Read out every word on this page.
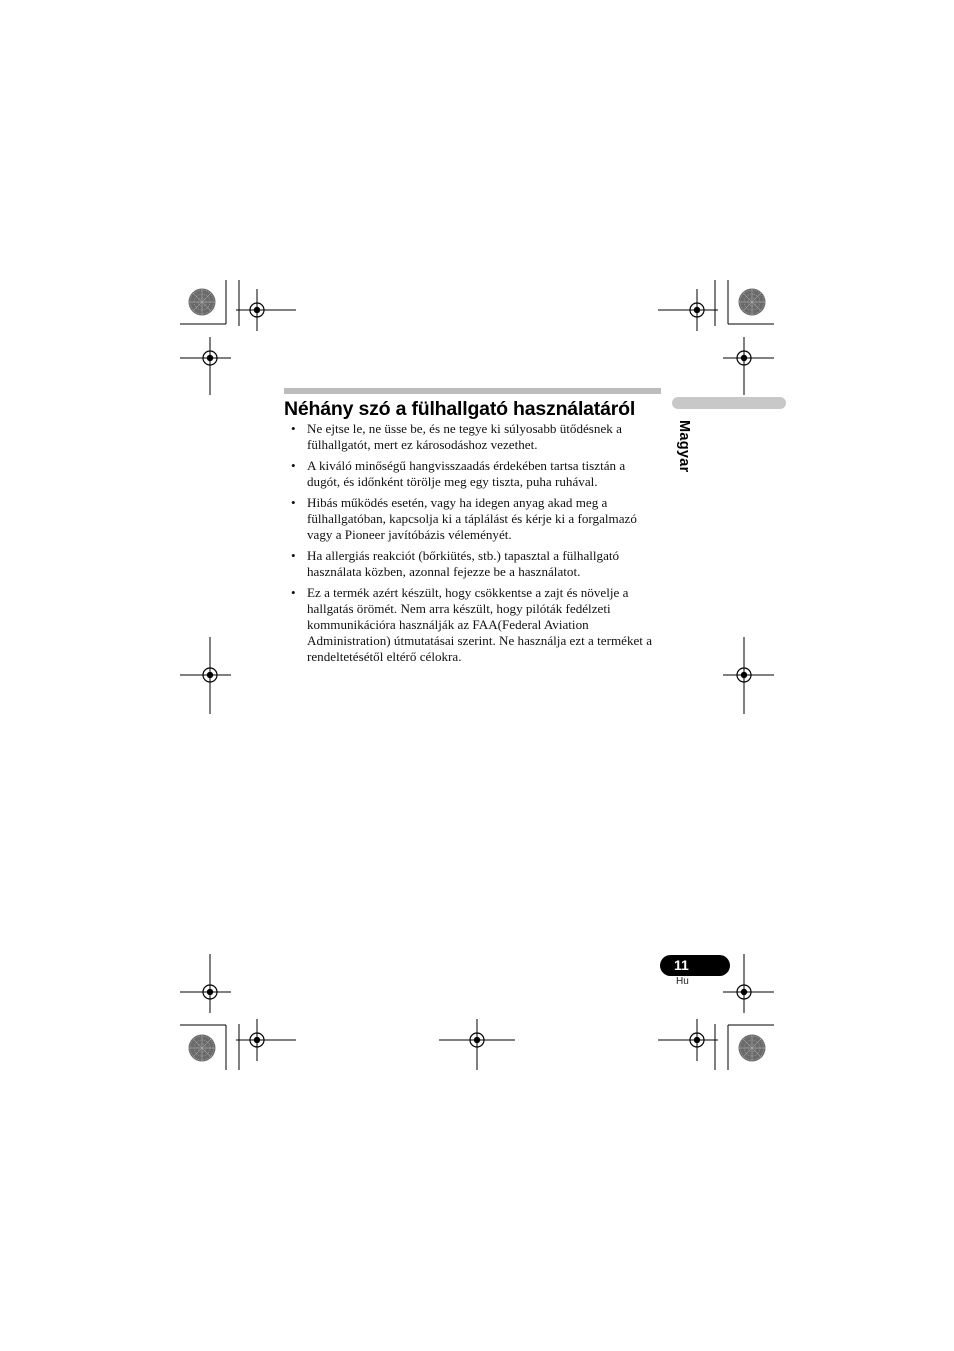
Néhány szó a fülhallgató használatáról
• Ne ejtse le, ne üsse be, és ne tegye ki súlyosabb ütődésnek a
fülhallgatót, mert ez károsodáshoz vezethet.
• A kiváló minőségű hangvisszaadás érdekében tartsa tisztán a
dugót, és időnként törölje meg egy tiszta, puha ruhával.
• Hibás működés esetén, vagy ha idegen anyag akad meg a
fülhallgatóban, kapcsolja ki a táplálást és kérje ki a forgalmazó
vagy a Pioneer javítóbázis véleményét.
• Ha allergiás reakciót (bőrkiütés, stb.) tapasztal a fülhallgató
használata közben, azonnal fejezze be a használatot.
• Ez a termék azért készült, hogy csökkentse a zajt és növelje a
hallgatás örömét. Nem arra készült, hogy pilóták fedélzeti
kommunikációra használják az FAA(Federal Aviation
Administration) útmutatásai szerint. Ne használja ezt a terméket a
rendeltetésétől eltérő célokra.
Magyar
11
Hu
